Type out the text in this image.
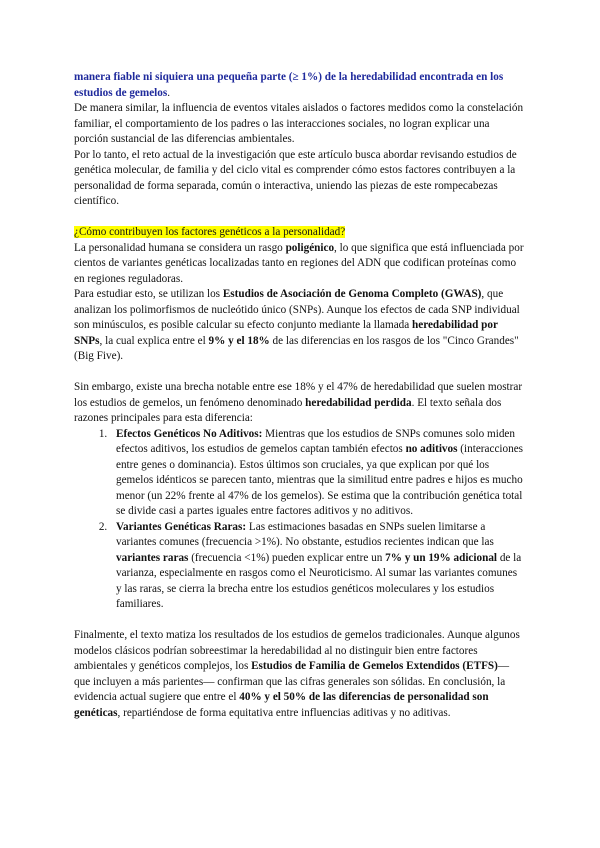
manera fiable ni siquiera una pequeña parte (≥ 1%) de la heredabilidad encontrada en los estudios de gemelos.

De manera similar, la influencia de eventos vitales aislados o factores medidos como la constelación familiar, el comportamiento de los padres o las interacciones sociales, no logran explicar una porción sustancial de las diferencias ambientales.

Por lo tanto, el reto actual de la investigación que este artículo busca abordar revisando estudios de genética molecular, de familia y del ciclo vital es comprender cómo estos factores contribuyen a la personalidad de forma separada, común o interactiva, uniendo las piezas de este rompecabezas científico.

¿Cómo contribuyen los factores genéticos a la personalidad?

La personalidad humana se considera un rasgo poligénico, lo que significa que está influenciada por cientos de variantes genéticas localizadas tanto en regiones del ADN que codifican proteínas como en regiones reguladoras.

Para estudiar esto, se utilizan los Estudios de Asociación de Genoma Completo (GWAS), que analizan los polimorfismos de nucleótido único (SNPs). Aunque los efectos de cada SNP individual son minúsculos, es posible calcular su efecto conjunto mediante la llamada heredabilidad por SNPs, la cual explica entre el 9% y el 18% de las diferencias en los rasgos de los "Cinco Grandes" (Big Five).

Sin embargo, existe una brecha notable entre ese 18% y el 47% de heredabilidad que suelen mostrar los estudios de gemelos, un fenómeno denominado heredabilidad perdida. El texto señala dos razones principales para esta diferencia:

1. Efectos Genéticos No Aditivos: Mientras que los estudios de SNPs comunes solo miden efectos aditivos, los estudios de gemelos captan también efectos no aditivos (interacciones entre genes o dominancia). Estos últimos son cruciales, ya que explican por qué los gemelos idénticos se parecen tanto, mientras que la similitud entre padres e hijos es mucho menor (un 22% frente al 47% de los gemelos). Se estima que la contribución genética total se divide casi a partes iguales entre factores aditivos y no aditivos.
2. Variantes Genéticas Raras: Las estimaciones basadas en SNPs suelen limitarse a variantes comunes (frecuencia >1%). No obstante, estudios recientes indican que las variantes raras (frecuencia <1%) pueden explicar entre un 7% y un 19% adicional de la varianza, especialmente en rasgos como el Neuroticismo. Al sumar las variantes comunes y las raras, se cierra la brecha entre los estudios genéticos moleculares y los estudios familiares.

Finalmente, el texto matiza los resultados de los estudios de gemelos tradicionales. Aunque algunos modelos clásicos podrían sobreestimar la heredabilidad al no distinguir bien entre factores ambientales y genéticos complejos, los Estudios de Familia de Gemelos Extendidos (ETFS)—que incluyen a más parientes— confirman que las cifras generales son sólidas. En conclusión, la evidencia actual sugiere que entre el 40% y el 50% de las diferencias de personalidad son genéticas, repartiéndose de forma equitativa entre influencias aditivas y no aditivas.
